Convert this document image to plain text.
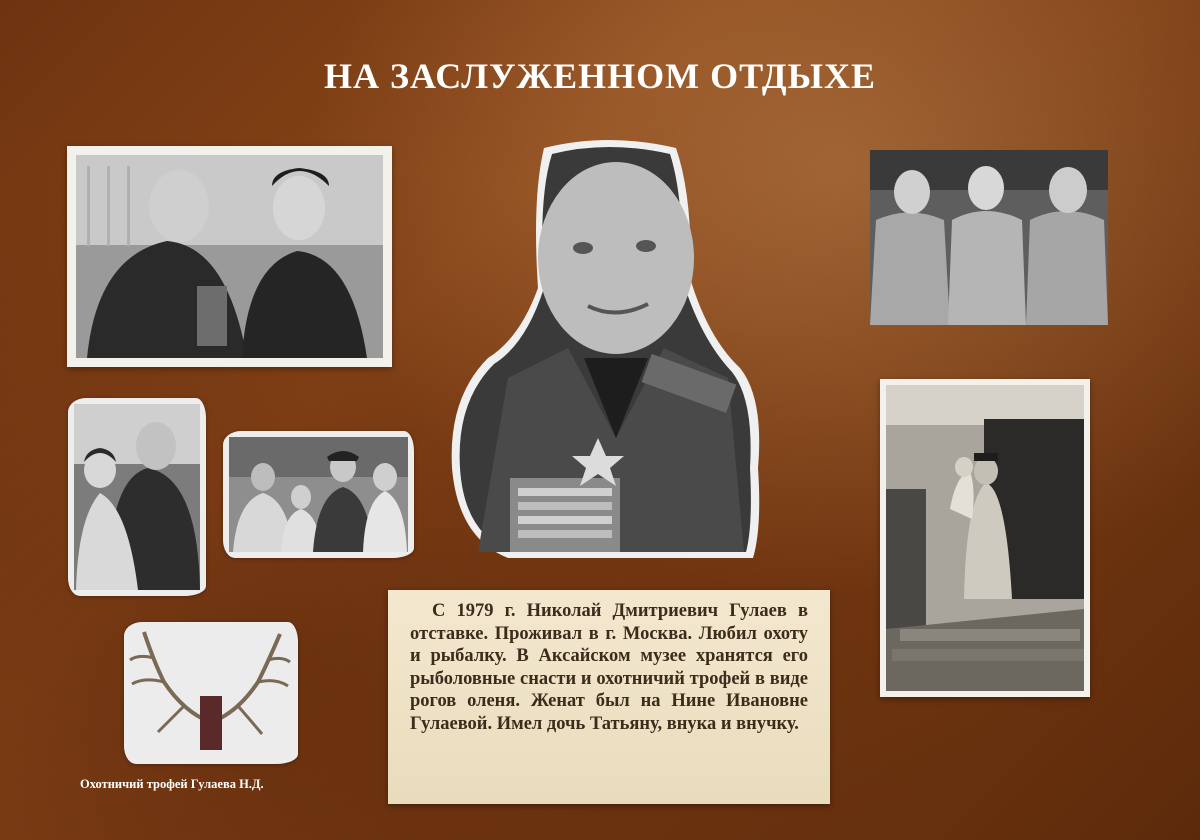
НА ЗАСЛУЖЕННОМ ОТДЫХЕ
Охотничий трофей Гулаева Н.Д.

С 1979 г. Николай Дмитриевич Гулаев в отставке. Проживал в г. Москва. Любил охоту и рыбалку. В Аксайском музее хранятся его рыболовные снасти и охотничий трофей в виде рогов оленя. Женат был на Нине Ивановне Гулаевой. Имел дочь Татьяну, внука и внучку.
